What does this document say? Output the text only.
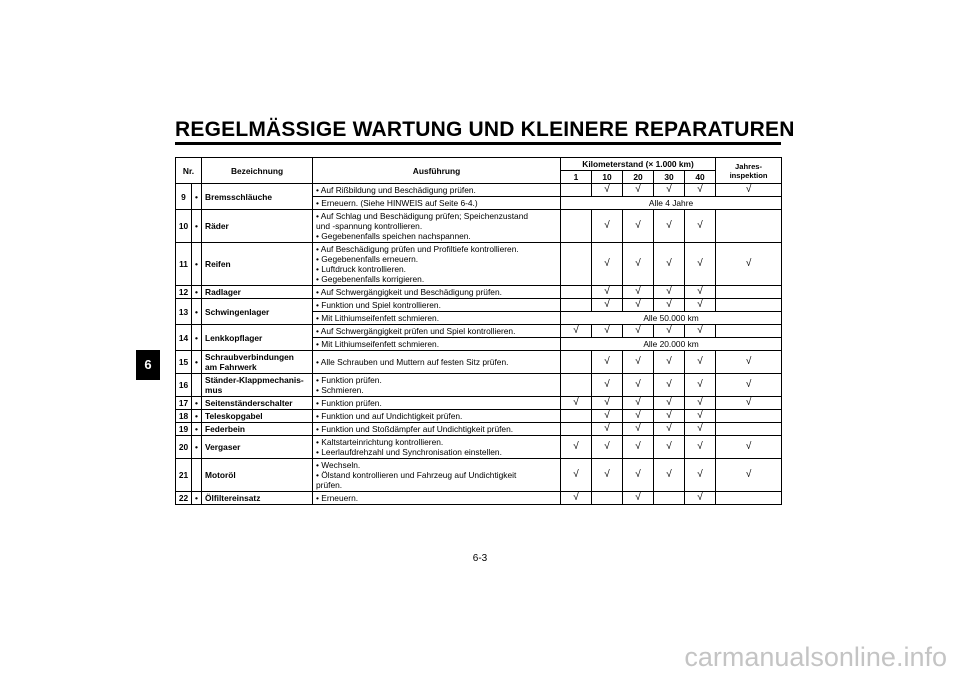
REGELMÄSSIGE WARTUNG UND KLEINERE REPARATUREN
6
Nr.		Bezeichnung	Ausführung	Kilometerstand (× 1.000 km)					Jahres-
inspektion
				1	10	20	30	40	
9	•	Bremsschläuche	• Auf Rißbildung und Beschädigung prüfen.		√	√	√	√	√

			• Erneuern. (Siehe HINWEIS auf Seite 6-4.)	Alle 4 Jahre					
10	•	Räder	• Auf Schlag und Beschädigung prüfen; Speichenzustand
und -spannung kontrollieren.
• Gegebenenfalls speichen nachspannen.		√	√	√	√	
11	•	Reifen	• Auf Beschädigung prüfen und Profiltiefe kontrollieren.
• Gegebenenfalls erneuern.
• Luftdruck kontrollieren.
• Gegebenenfalls korrigieren.		√	√	√	√	√
12	•	Radlager	• Auf Schwergängigkeit und Beschädigung prüfen.		√	√	√	√	
13	•	Schwingenlager	• Funktion und Spiel kontrollieren.		√	√	√	√	

			• Mit Lithiumseifenfett schmieren.	Alle 50.000 km					
14	•	Lenkkopflager	• Auf Schwergängigkeit prüfen und Spiel kontrollieren.	√	√	√	√	√	

			• Mit Lithiumseifenfett schmieren.	Alle 20.000 km					
15	•	Schraubverbindungen
am Fahrwerk	• Alle Schrauben und Muttern auf festen Sitz prüfen.		√	√	√	√	√
16		Ständer-Klappmechanis-
mus	• Funktion prüfen.
• Schmieren.		√	√	√	√	√
17	•	Seitenständerschalter	• Funktion prüfen.	√	√	√	√	√	√
18	•	Teleskopgabel	• Funktion und auf Undichtigkeit prüfen.		√	√	√	√	
19	•	Federbein	• Funktion und Stoßdämpfer auf Undichtigkeit prüfen.		√	√	√	√	
20	•	Vergaser	• Kaltstarteinrichtung kontrollieren.
• Leerlaufdrehzahl und Synchronisation einstellen.	√	√	√	√	√	√
21		Motoröl	• Wechseln.
• Ölstand kontrollieren und Fahrzeug auf Undichtigkeit
prüfen.	√	√	√	√	√	√
22	•	Ölfiltereinsatz	• Erneuern.	√		√		√	
6-3
carmanualsonline.info
